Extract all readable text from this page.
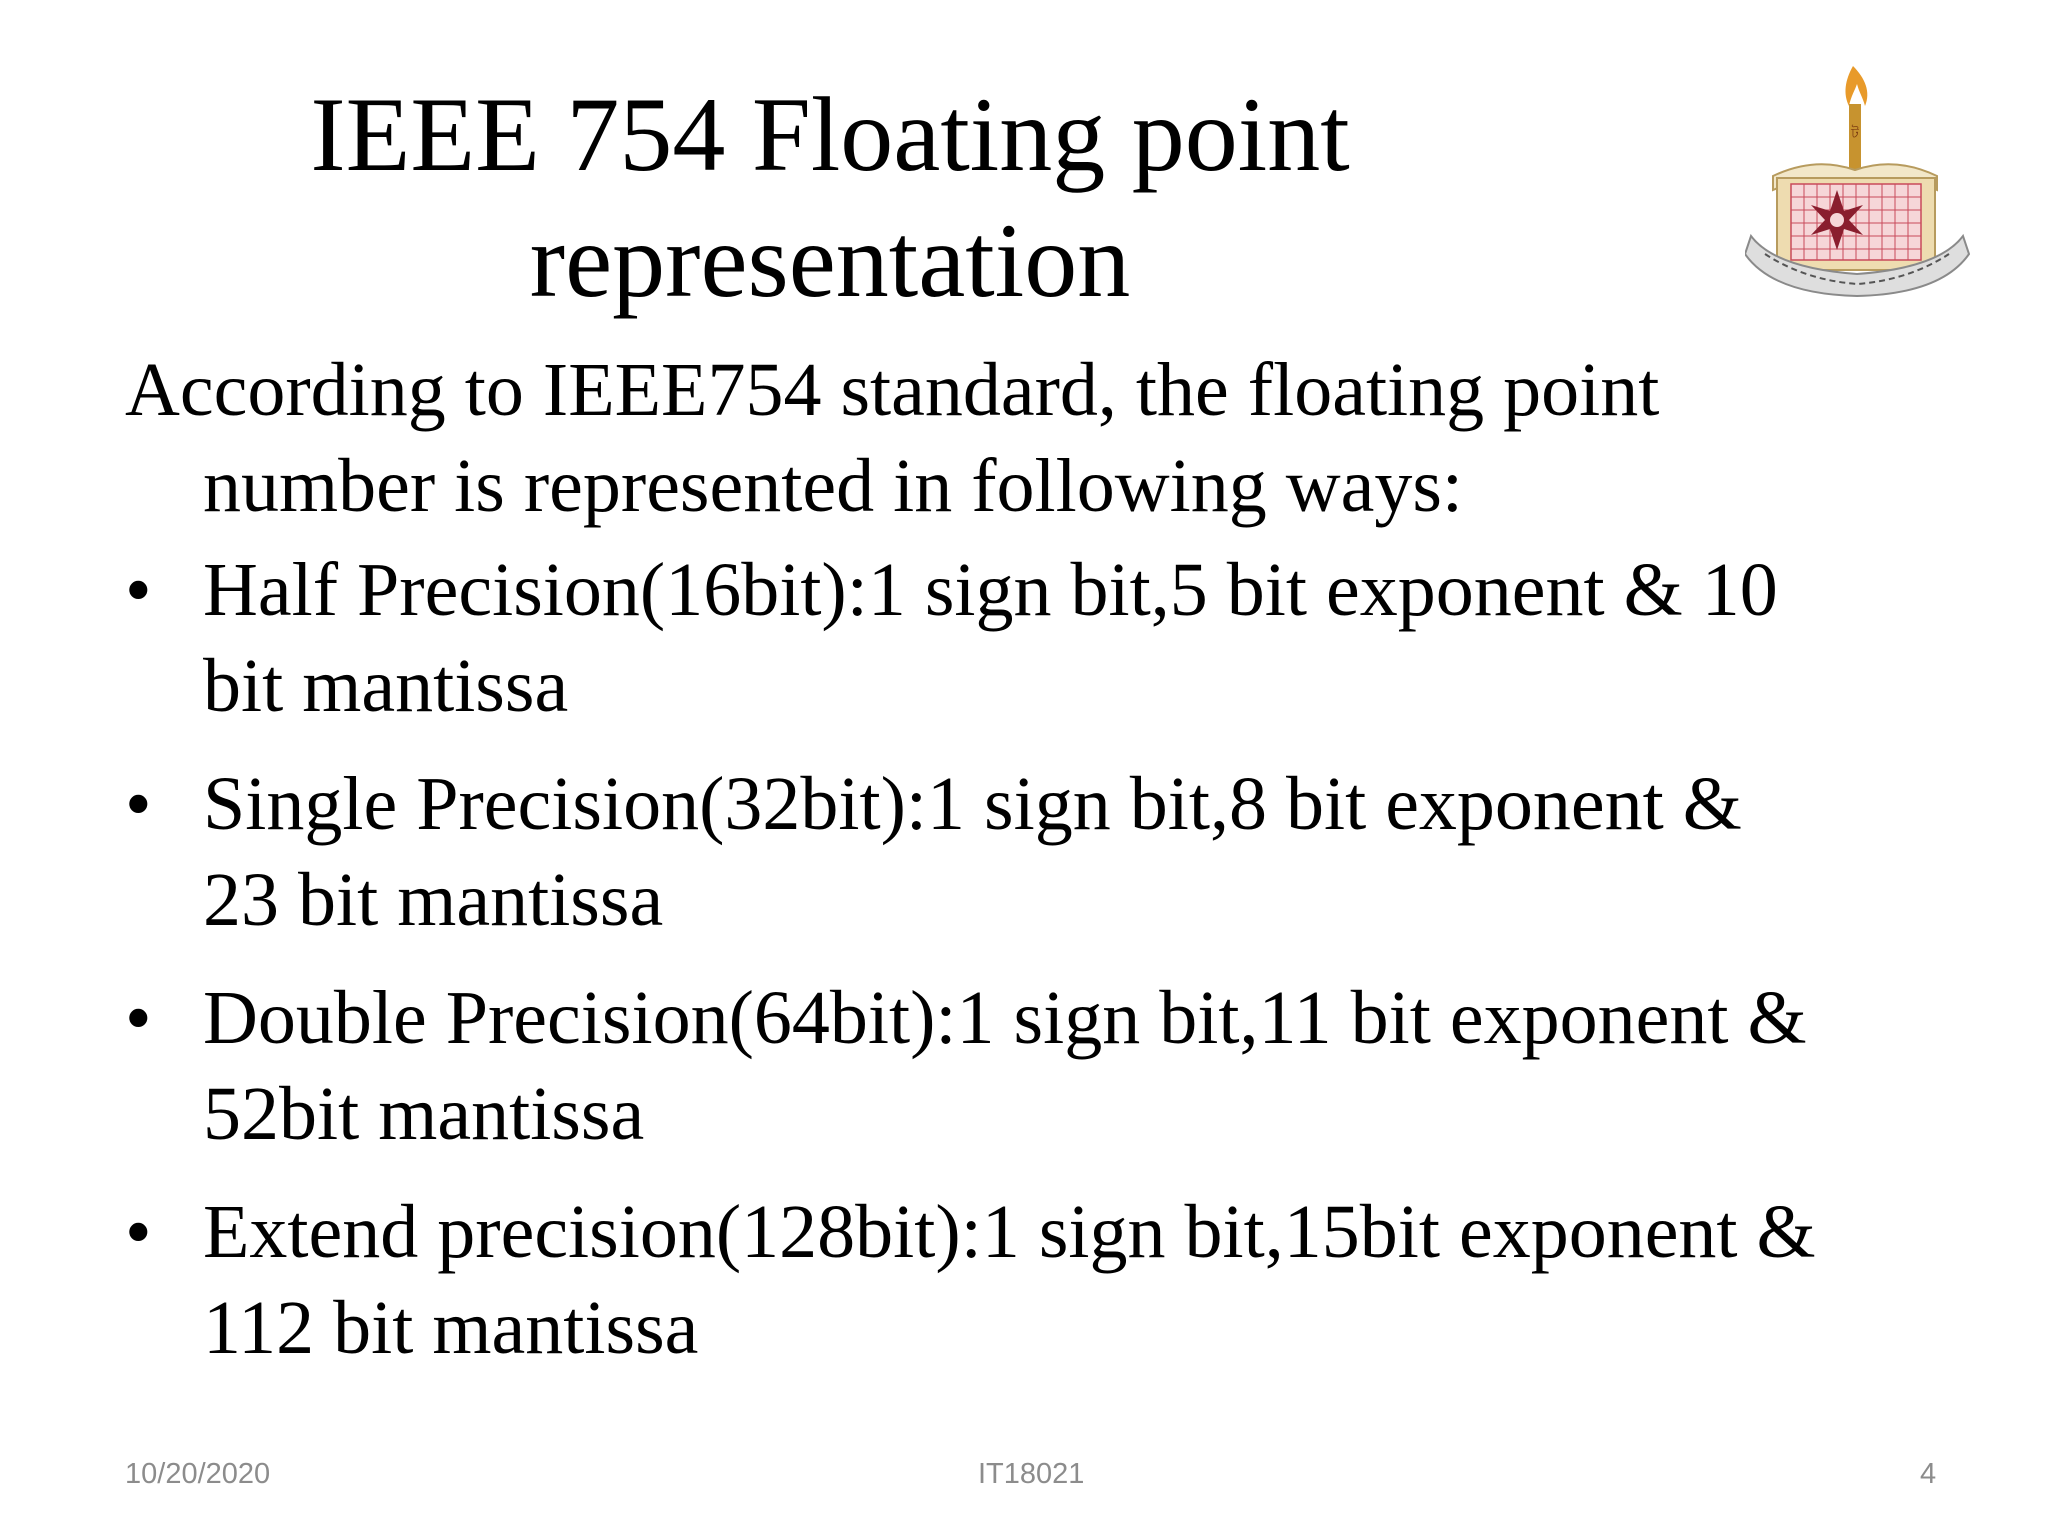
IEEE 754 Floating point
representation
ট

According to IEEE754 standard, the floating point
number is represented in following ways:

• Half Precision(16bit):1 sign bit,5 bit exponent & 10
bit mantissa
• Single Precision(32bit):1 sign bit,8 bit exponent &
23 bit mantissa
• Double Precision(64bit):1 sign bit,11 bit exponent &
52bit mantissa
• Extend precision(128bit):1 sign bit,15bit exponent &
112 bit mantissa
10/20/2020	IT18021	4
